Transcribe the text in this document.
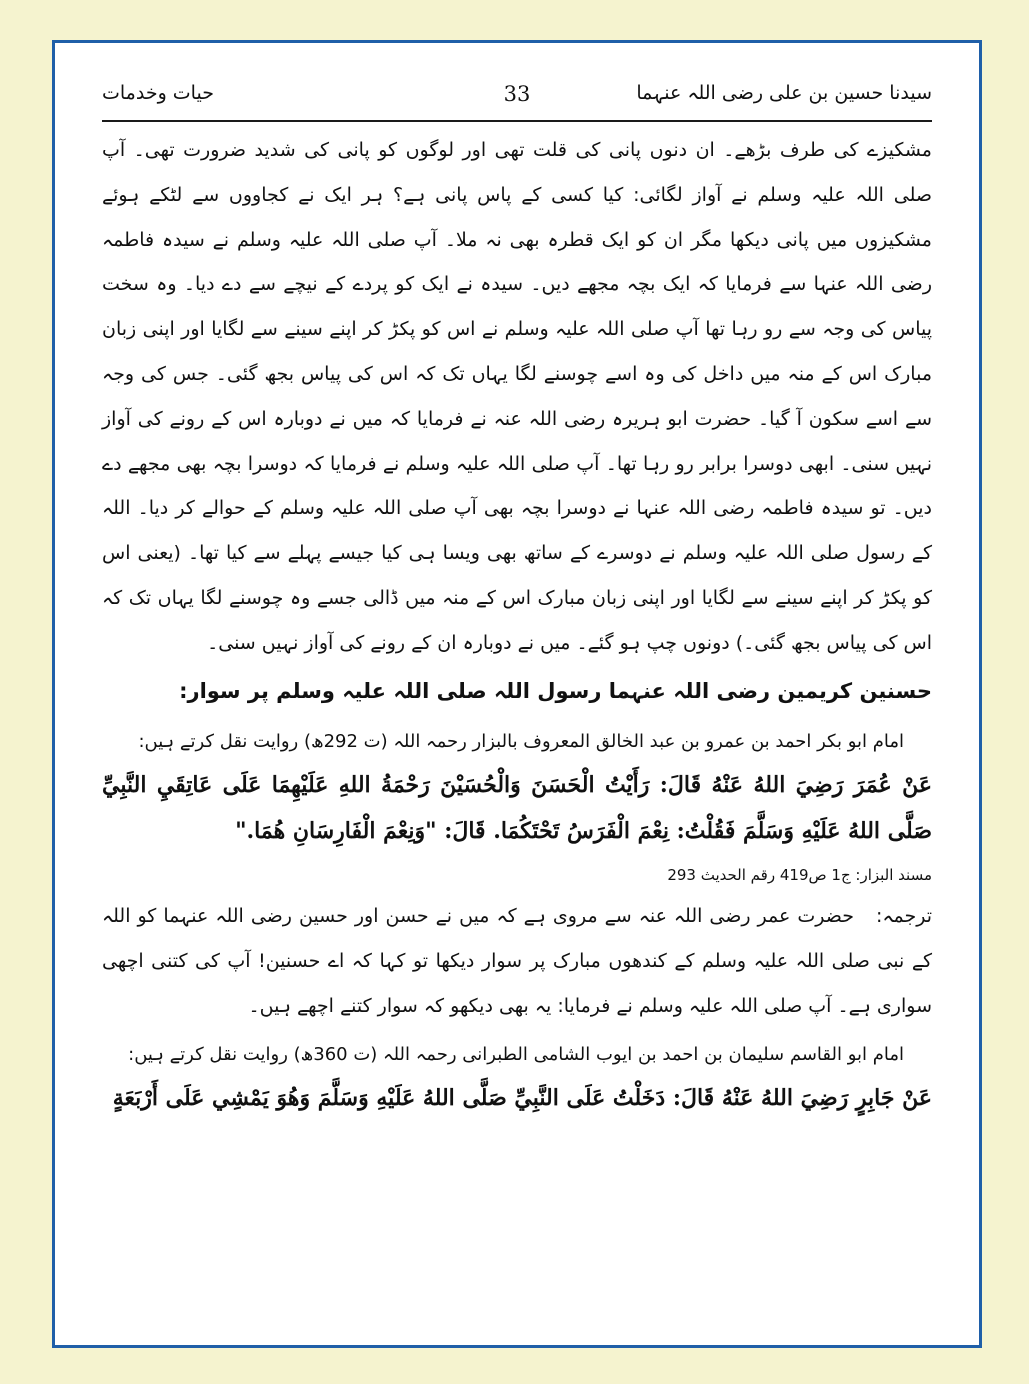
سیدنا حسین بن علی رضی اللہ عنہما
33
حیات وخدمات

مشکیزے کی طرف بڑھے۔ ان دنوں پانی کی قلت تھی اور لوگوں کو پانی کی شدید ضرورت تھی۔ آپ صلی اللہ علیہ وسلم نے آواز لگائی: کیا کسی کے پاس پانی ہے؟ ہر ایک نے کجاووں سے لٹکے ہوئے مشکیزوں میں پانی دیکھا مگر ان کو ایک قطرہ بھی نہ ملا۔ آپ صلی اللہ علیہ وسلم نے سیدہ فاطمہ رضی اللہ عنہا سے فرمایا کہ ایک بچہ مجھے دیں۔ سیدہ نے ایک کو پردے کے نیچے سے دے دیا۔ وہ سخت پیاس کی وجہ سے رو رہا تھا آپ صلی اللہ علیہ وسلم نے اس کو پکڑ کر اپنے سینے سے لگایا اور اپنی زبان مبارک اس کے منہ میں داخل کی وہ اسے چوسنے لگا یہاں تک کہ اس کی پیاس بجھ گئی۔ جس کی وجہ سے اسے سکون آ گیا۔ حضرت ابو ہریرہ رضی اللہ عنہ نے فرمایا کہ میں نے دوبارہ اس کے رونے کی آواز نہیں سنی۔ ابھی دوسرا برابر رو رہا تھا۔ آپ صلی اللہ علیہ وسلم نے فرمایا کہ دوسرا بچہ بھی مجھے دے دیں۔ تو سیدہ فاطمہ رضی اللہ عنہا نے دوسرا بچہ بھی آپ صلی اللہ علیہ وسلم کے حوالے کر دیا۔ اللہ کے رسول صلی اللہ علیہ وسلم نے دوسرے کے ساتھ بھی ویسا ہی کیا جیسے پہلے سے کیا تھا۔ (یعنی اس کو پکڑ کر اپنے سینے سے لگایا اور اپنی زبان مبارک اس کے منہ میں ڈالی جسے وہ چوسنے لگا یہاں تک کہ اس کی پیاس بجھ گئی۔) دونوں چپ ہو گئے۔ میں نے دوبارہ ان کے رونے کی آواز نہیں سنی۔

حسنین کریمین رضی اللہ عنہما رسول اللہ صلی اللہ علیہ وسلم پر سوار:

امام ابو بکر احمد بن عمرو بن عبد الخالق المعروف بالبزار رحمہ اللہ (ت 292ھ) روایت نقل کرتے ہیں:

عَنْ عُمَرَ رَضِيَ اللهُ عَنْهُ قَالَ: رَأَيْتُ الْحَسَنَ وَالْحُسَيْنَ رَحْمَةُ اللهِ عَلَيْهِمَا عَلَى عَاتِقَيِ النَّبِيِّ صَلَّى اللهُ عَلَيْهِ وَسَلَّمَ فَقُلْتُ: نِعْمَ الْفَرَسُ تَحْتَكُمَا. قَالَ: "وَنِعْمَ الْفَارِسَانِ هُمَا."

مسند البزار: ج1 ص419 رقم الحدیث 293

ترجمہ:حضرت عمر رضی اللہ عنہ سے مروی ہے کہ میں نے حسن اور حسین رضی اللہ عنہما کو اللہ کے نبی صلی اللہ علیہ وسلم کے کندھوں مبارک پر سوار دیکھا تو کہا کہ اے حسنین! آپ کی کتنی اچھی سواری ہے۔ آپ صلی اللہ علیہ وسلم نے فرمایا: یہ بھی دیکھو کہ سوار کتنے اچھے ہیں۔

امام ابو القاسم سلیمان بن احمد بن ایوب الشامی الطبرانی رحمہ اللہ (ت 360ھ) روایت نقل کرتے ہیں:

عَنْ جَابِرٍ رَضِيَ اللهُ عَنْهُ قَالَ: دَخَلْتُ عَلَى النَّبِيِّ صَلَّى اللهُ عَلَيْهِ وَسَلَّمَ وَهُوَ يَمْشِي عَلَى أَرْبَعَةٍ
